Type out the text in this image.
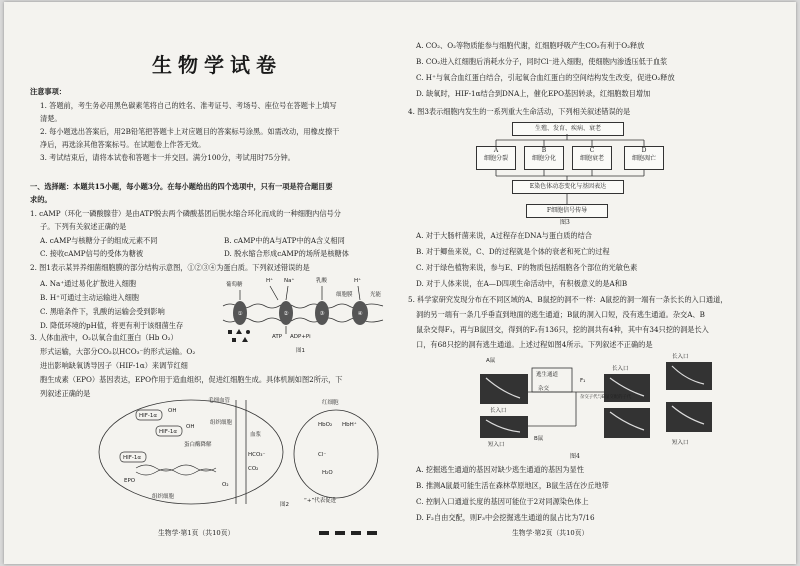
生物学试卷
注意事项：
1. 答题前，考生务必用黑色碳素笔将自己的姓名、准考证号、考场号、座位号在答题卡上填写
清楚。
2. 每小题选出答案后，用2B铅笔把答题卡上对应题目的答案标号涂黑。如需改动，用橡皮擦干
净后，再选涂其他答案标号。在试题卷上作答无效。
3. 考试结束后，请将本试卷和答题卡一并交回。满分100分，考试用时75分钟。
一、选择题：本题共15小题，每小题3分。在每小题给出的四个选项中，只有一项是符合题目要
求的。
1. cAMP（环化一磷酸腺苷）是由ATP脱去两个磷酸基团后脱水缩合环化而成的一种细胞内信号分
子。下列有关叙述正确的是
A. cAMP与核糖分子的组成元素不同	B. cAMP中的A与ATP中的A含义相同
C. 接收cAMP信号的受体为糖被	D. 脱水缩合形成cAMP的场所是核糖体
2. 图1表示某异养细菌细胞膜的部分结构示意图，①②③④为蛋白质。下列叙述错误的是
A. Na⁺通过易化扩散进入细胞
B. H⁺可通过主动运输进入细胞
C. 黑暗条件下，乳酸的运输会受到影响
D. 降低环境的pH值，将更有利于该细菌生存
①	②	③	④
葡萄糖
H⁺ Na⁺	乳酸	H⁺
细胞膜	光能
ATP ADP+Pi
图1
3. 人体血液中，O₂以氧合血红蛋白（Hb O₂）
形式运输，大部分CO₂以HCO₃⁻的形式运输。O₂
进出影响缺氧诱导因子（HIF-1α）来调节红细
胞生成素（EPO）基因表达，EPO作用于造血组织，促进红细胞生成。具体机制如图2所示，下
列叙述正确的是
HIF-1α
OH
HIF-1α
OH
蛋白酶降解
HIF-1α
EPO
组织细胞
毛细血管	红细胞
组织细胞
血浆
HCO₃⁻
CO₂
O₂
Cl⁻
HbO₂ HbH⁺
H₂O
“+”代表促进
图2
生物学·第1页（共10页）
A. CO₂、O₂等物质能参与细胞代谢，红细胞呼吸产生CO₂有利于O₂释放
B. CO₂进入红细胞后消耗水分子，同时Cl⁻进入细胞，使细胞内渗透压低于血浆
C. H⁺与氧合血红蛋白结合，引起氧合血红蛋白的空间结构发生改变，促进O₂释放
D. 缺氧时，HIF-1α结合到DNA上，催化EPO基因转录，红细胞数目增加
4. 图3表示细胞内发生的一系列重大生命活动，下列相关叙述错误的是
生殖、发育、疾病、衰老
A
细胞分裂
B
细胞分化
C
细胞衰老
D
细胞凋亡
E染色体动态变化与基因表达
F细胞信号传导
图3
A. 对于大肠杆菌来说，A过程存在DNA与蛋白质的结合
B. 对于鲫鱼来说，C、D的过程就是个体的衰老和死亡的过程
C. 对于绿色植物来说，参与E、F的物质包括细胞各个部位的光敏色素
D. 对于人体来说，在A—D四项生命活动中，有积极意义的是A和B
5. 科学家研究发现分布在不同区域的A、B鼠挖的洞不一样：A鼠挖的洞一端有一条长长的入口通道，
洞的另一端有一条几乎垂直到地面的逃生通道；B鼠的洞入口短，没有逃生通道。杂交A、B
鼠杂交得F₁，再与B鼠回交，得到的F₂有136只，挖的洞共有4种，其中有34只挖的洞是长入
口，有68只挖的洞有逃生通道。上述过程如图4所示。下列叙述不正确的是
A鼠
逃生通道
长入口
杂交
F₁
杂交子代与B鼠交配的子代
长入口
长入口
短入口
B鼠
短入口
图4
A. 挖掘逃生通道的基因对缺少逃生通道的基因为显性
B. 推测A鼠最可能生活在森林草原地区，B鼠生活在沙丘地带
C. 控制入口通道长度的基因可能位于2对同源染色体上
D. F₂自由交配，则F₃中会挖掘逃生通道的鼠占比为7/16
生物学·第2页（共10页）
